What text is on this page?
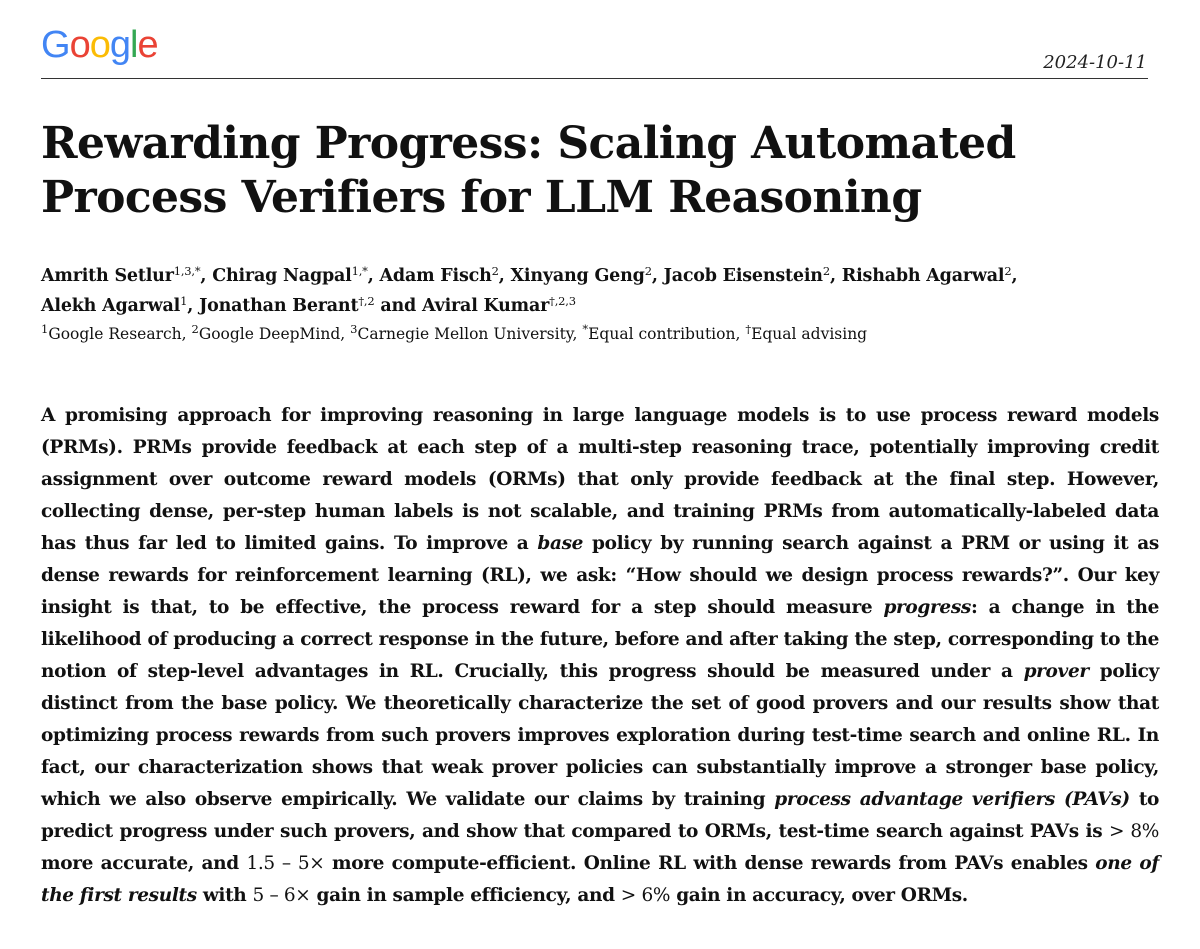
Google	2024-10-11
Rewarding Progress: Scaling Automated Process Verifiers for LLM Reasoning
Amrith Setlur$^{1,3,*}$, Chirag Nagpal$^{1,*}$, Adam Fisch$^2$, Xinyang Geng$^2$, Jacob Eisenstein$^2$, Rishabh Agarwal$^2$,
Alekh Agarwal$^1$, Jonathan Berant$^{\dagger,2}$ and Aviral Kumar$^{\dagger,2,3}$
$^1$Google Research, $^2$Google DeepMind, $^3$Carnegie Mellon University, *Equal contribution, †Equal advising

A promising approach for improving reasoning in large language models is to use process reward models (PRMs). PRMs provide feedback at each step of a multi-step reasoning trace, potentially improving credit assignment over outcome reward models (ORMs) that only provide feedback at the final step. However, collecting dense, per-step human labels is not scalable, and training PRMs from automatically-labeled data has thus far led to limited gains. To improve a base policy by running search against a PRM or using it as dense rewards for reinforcement learning (RL), we ask: “How should we design process rewards?”. Our key insight is that, to be effective, the process reward for a step should measure progress: a change in the likelihood of producing a correct response in the future, before and after taking the step, corresponding to the notion of step-level advantages in RL. Crucially, this progress should be measured under a prover policy distinct from the base policy. We theoretically characterize the set of good provers and our results show that optimizing process rewards from such provers improves exploration during test-time search and online RL. In fact, our characterization shows that weak prover policies can substantially improve a stronger base policy, which we also observe empirically. We validate our claims by training process advantage verifiers (PAVs) to predict progress under such provers, and show that compared to ORMs, test-time search against PAVs is > 8% more accurate, and 1.5 – 5× more compute-efficient. Online RL with dense rewards from PAVs enables one of the first results with 5 – 6× gain in sample efficiency, and > 6% gain in accuracy, over ORMs.
